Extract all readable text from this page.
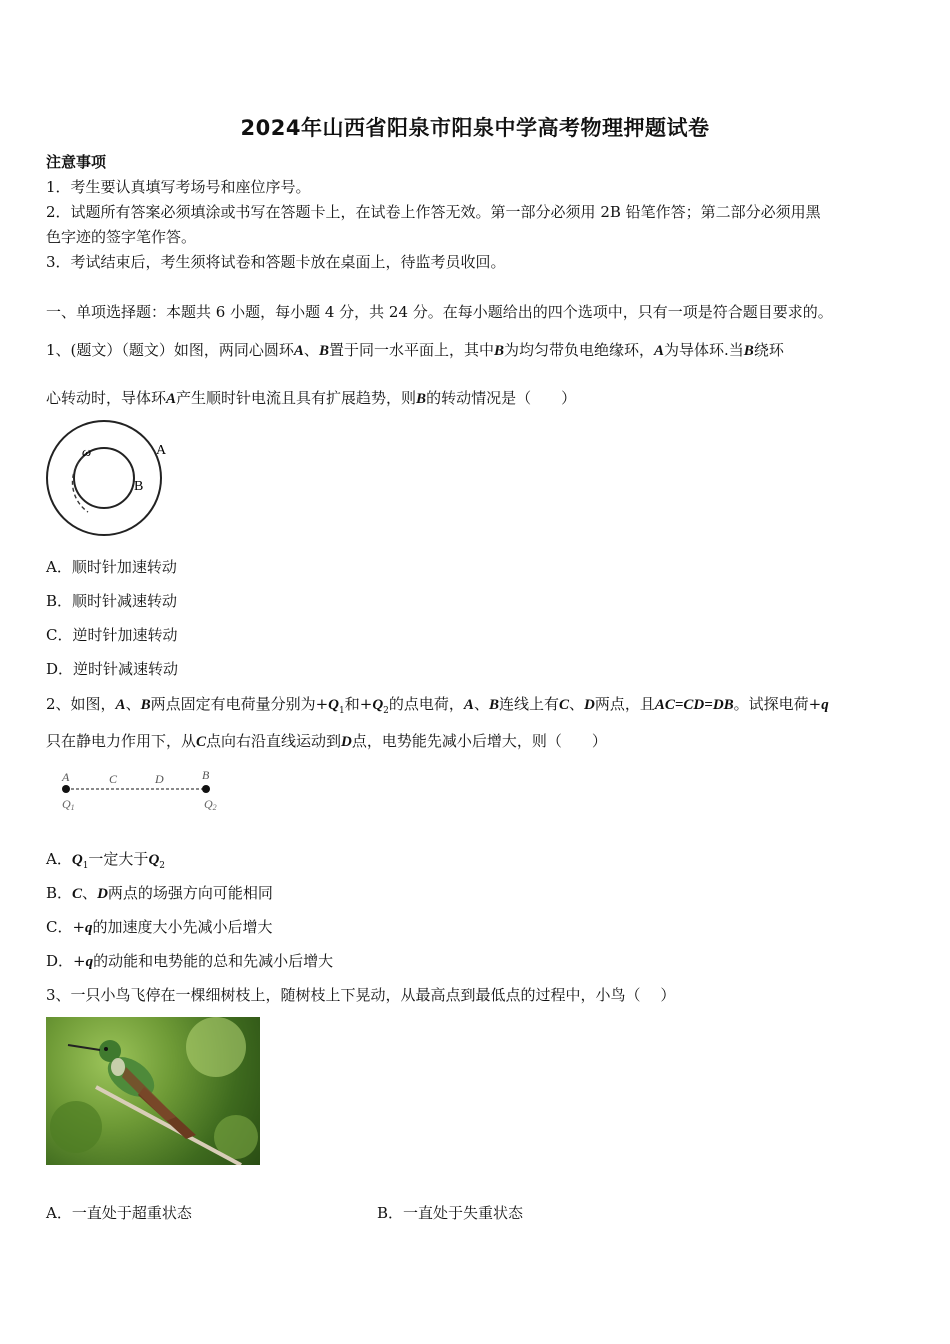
2024年山西省阳泉市阳泉中学高考物理押题试卷
注意事项
1．考生要认真填写考场号和座位序号。
2．试题所有答案必须填涂或书写在答题卡上，在试卷上作答无效。第一部分必须用 2B 铅笔作答；第二部分必须用黑
色字迹的签字笔作答。
3．考试结束后，考生须将试卷和答题卡放在桌面上，待监考员收回。
一、单项选择题：本题共 6 小题，每小题 4 分，共 24 分。在每小题给出的四个选项中，只有一项是符合题目要求的。
1、(题文）（题文）如图，两同心圆环A、B置于同一水平面上，其中B为均匀带负电绝缘环，A为导体环.当B绕环
心转动时，导体环A产生顺时针电流且具有扩展趋势，则B的转动情况是（　　）
ω	A
B
A．顺时针加速转动
B．顺时针减速转动
C．逆时针加速转动
D．逆时针减速转动
2、如图，A、B两点固定有电荷量分别为$+Q_1$和$+Q_2$的点电荷，A、B连线上有C、D两点，且AC=CD=DB。试探电荷+q
只在静电力作用下，从C点向右沿直线运动到D点，电势能先减小后增大，则（　　）
A	C	D	B
Q1	Q2
A．$Q_1$一定大于$Q_2$
B．C、D两点的场强方向可能相同
C．+q的加速度大小先减小后增大
D．+q的动能和电势能的总和先减小后增大
3、一只小鸟飞停在一棵细树枝上，随树枝上下晃动，从最高点到最低点的过程中，小鸟（　 ）
A．一直处于超重状态	B．一直处于失重状态
